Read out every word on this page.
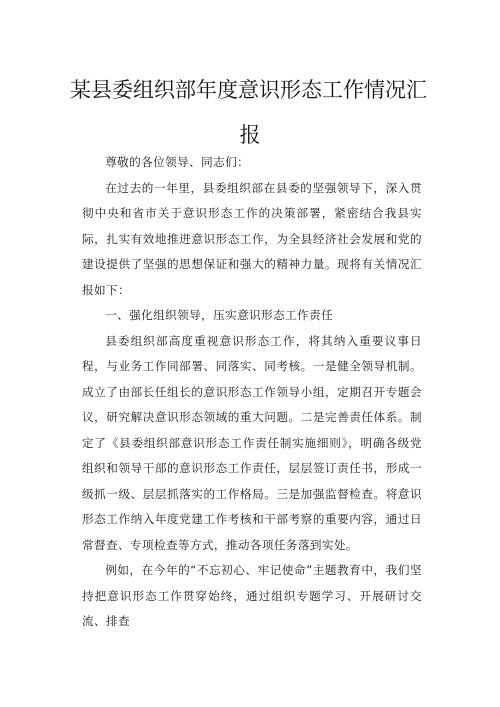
某县委组织部年度意识形态工作情况汇
报

尊敬的各位领导、同志们：

在过去的一年里，县委组织部在县委的坚强领导下，深入贯彻中央和省市关于意识形态工作的决策部署，紧密结合我县实际，扎实有效地推进意识形态工作，为全县经济社会发展和党的建设提供了坚强的思想保证和强大的精神力量。现将有关情况汇报如下：

一、强化组织领导，压实意识形态工作责任

县委组织部高度重视意识形态工作，将其纳入重要议事日程，与业务工作同部署、同落实、同考核。一是健全领导机制。成立了由部长任组长的意识形态工作领导小组，定期召开专题会议，研究解决意识形态领域的重大问题。二是完善责任体系。制定了《县委组织部意识形态工作责任制实施细则》，明确各级党组织和领导干部的意识形态工作责任，层层签订责任书，形成一级抓一级、层层抓落实的工作格局。三是加强监督检查。将意识形态工作纳入年度党建工作考核和干部考察的重要内容，通过日常督查、专项检查等方式，推动各项任务落到实处。

例如，在今年的“不忘初心、牢记使命”主题教育中，我们坚持把意识形态工作贯穿始终，通过组织专题学习、开展研讨交流、排查
